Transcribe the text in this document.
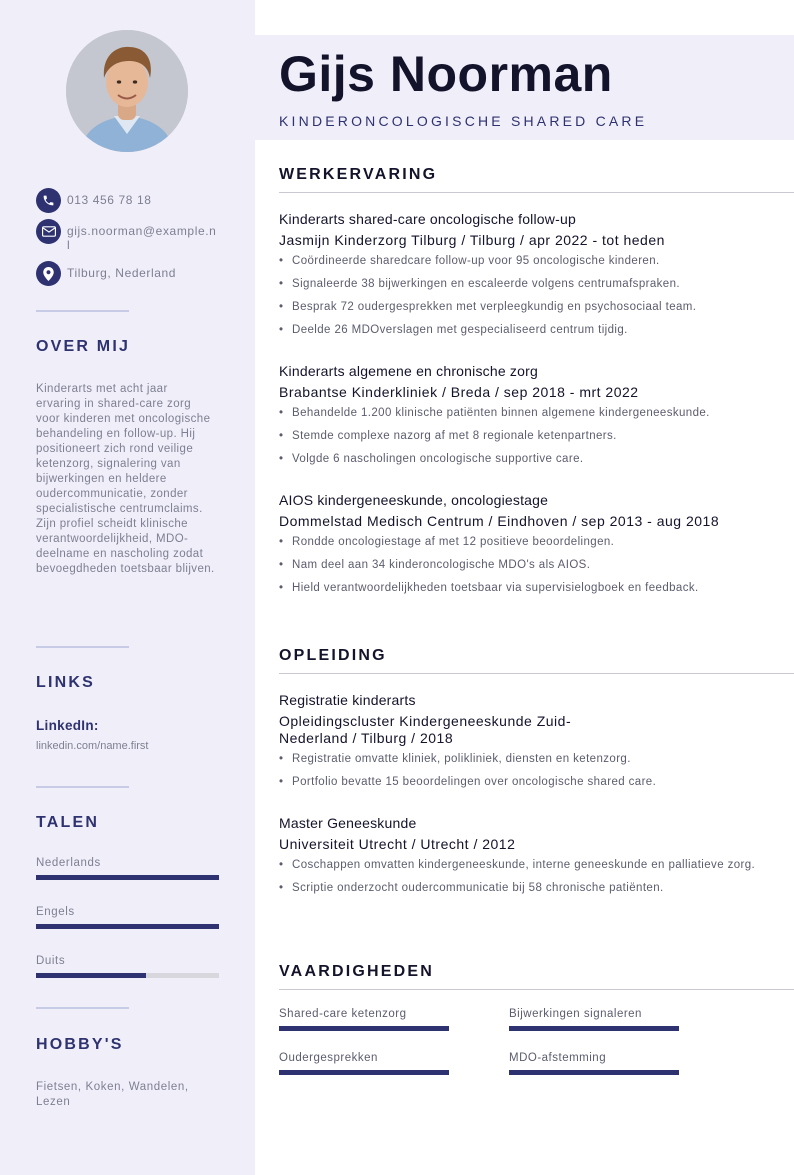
013 456 78 18
gijs.noorman@example.nl
Tilburg, Nederland
OVER MIJ
Kinderarts met acht jaar ervaring in shared-care zorg voor kinderen met oncologische behandeling en follow-up. Hij positioneert zich rond veilige ketenzorg, signalering van bijwerkingen en heldere oudercommunicatie, zonder specialistische centrumclaims. Zijn profiel scheidt klinische verantwoordelijkheid, MDO-deelname en nascholing zodat bevoegdheden toetsbaar blijven.
LINKS
LinkedIn:
linkedin.com/name.first
TALEN
Nederlands
Engels
Duits
HOBBY'S
Fietsen, Koken, Wandelen, Lezen
Gijs Noorman
KINDERONCOLOGISCHE SHARED CARE
WERKERVARING
Kinderarts shared-care oncologische follow-up
Jasmijn Kinderzorg Tilburg / Tilburg / apr 2022 - tot heden
• Coördineerde sharedcare follow-up voor 95 oncologische kinderen.
• Signaleerde 38 bijwerkingen en escaleerde volgens centrumafspraken.
• Besprak 72 oudergesprekken met verpleegkundig en psychosociaal team.
• Deelde 26 MDOverslagen met gespecialiseerd centrum tijdig.
Kinderarts algemene en chronische zorg
Brabantse Kinderkliniek / Breda / sep 2018 - mrt 2022
• Behandelde 1.200 klinische patiënten binnen algemene kindergeneeskunde.
• Stemde complexe nazorg af met 8 regionale ketenpartners.
• Volgde 6 nascholingen oncologische supportive care.
AIOS kindergeneeskunde, oncologiestage
Dommelstad Medisch Centrum / Eindhoven / sep 2013 - aug 2018
• Rondde oncologiestage af met 12 positieve beoordelingen.
• Nam deel aan 34 kinderoncologische MDO's als AIOS.
• Hield verantwoordelijkheden toetsbaar via supervisielogboek en feedback.
OPLEIDING
Registratie kinderarts
Opleidingscluster Kindergeneeskunde Zuid-Nederland / Tilburg / 2018
• Registratie omvatte kliniek, polikliniek, diensten en ketenzorg.
• Portfolio bevatte 15 beoordelingen over oncologische shared care.
Master Geneeskunde
Universiteit Utrecht / Utrecht / 2012
• Coschappen omvatten kindergeneeskunde, interne geneeskunde en palliatieve zorg.
• Scriptie onderzocht oudercommunicatie bij 58 chronische patiënten.
VAARDIGHEDEN
Shared-care ketenzorg	Bijwerkingen signaleren
Oudergesprekken	MDO-afstemming
